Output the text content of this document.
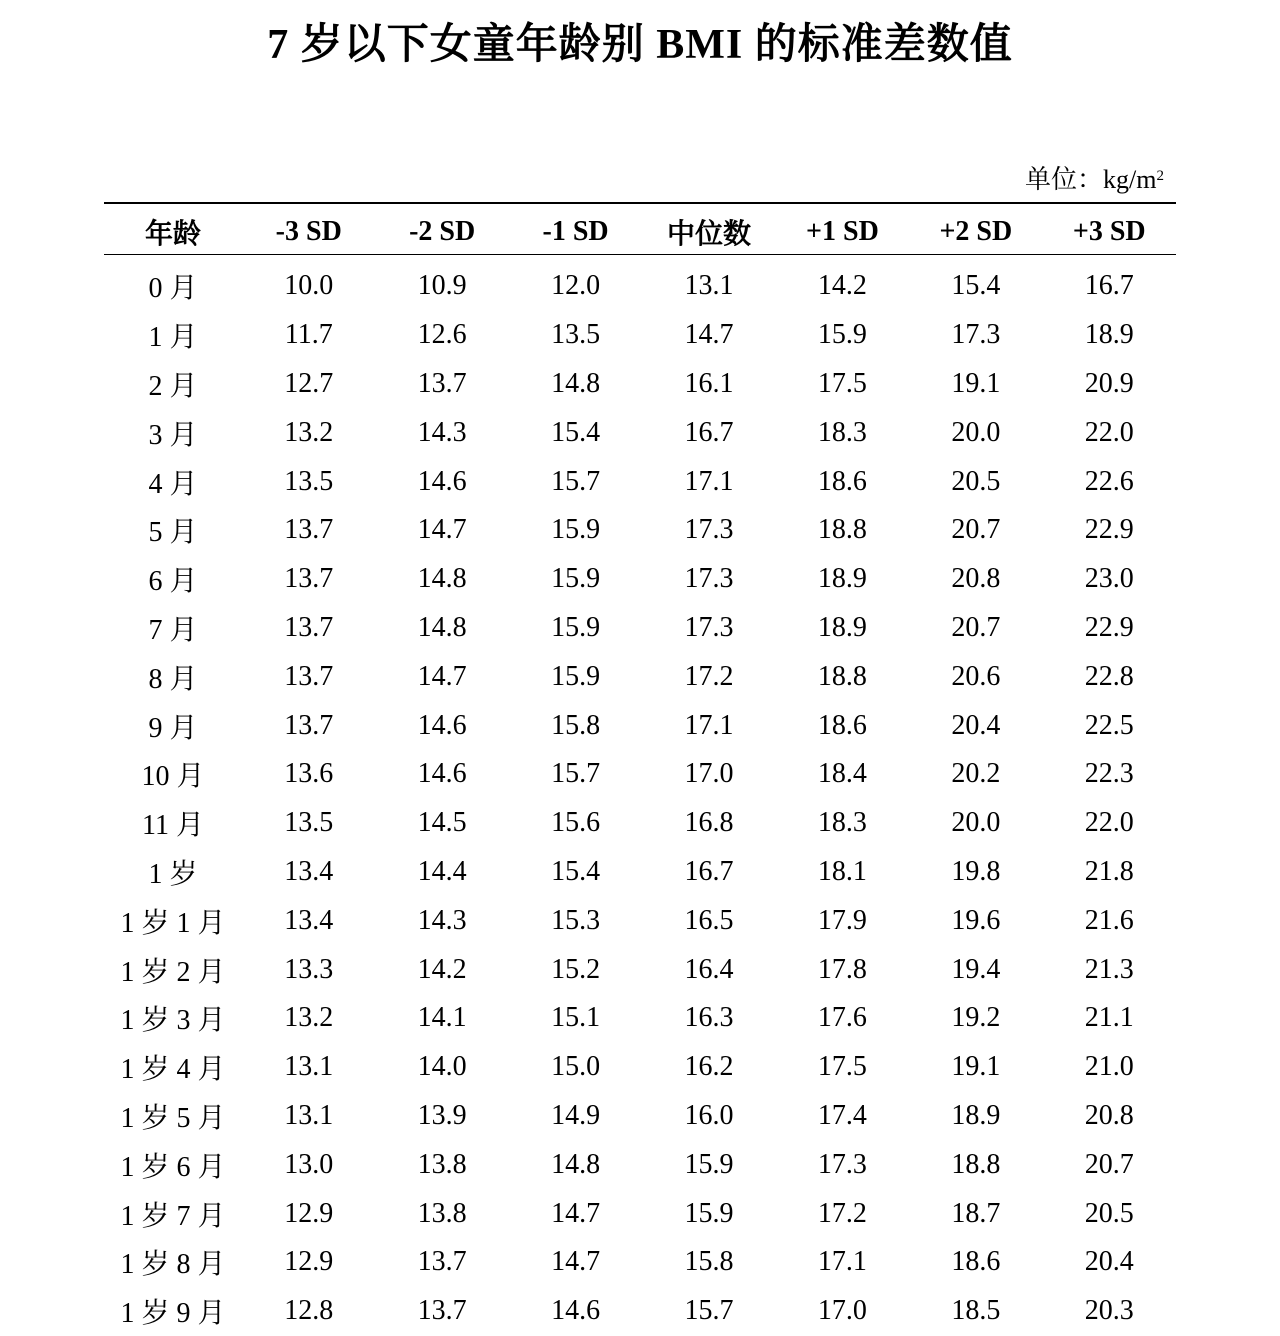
7 岁以下女童年龄别 BMI 的标准差数值
单位：$kg/m^2$
年龄	-3 SD	-2 SD	-1 SD	中位数	+1 SD	+2 SD	+3 SD

0 月	10.0	10.9	12.0	13.1	14.2	15.4	16.7
1 月	11.7	12.6	13.5	14.7	15.9	17.3	18.9
2 月	12.7	13.7	14.8	16.1	17.5	19.1	20.9
3 月	13.2	14.3	15.4	16.7	18.3	20.0	22.0
4 月	13.5	14.6	15.7	17.1	18.6	20.5	22.6
5 月	13.7	14.7	15.9	17.3	18.8	20.7	22.9
6 月	13.7	14.8	15.9	17.3	18.9	20.8	23.0
7 月	13.7	14.8	15.9	17.3	18.9	20.7	22.9
8 月	13.7	14.7	15.9	17.2	18.8	20.6	22.8
9 月	13.7	14.6	15.8	17.1	18.6	20.4	22.5
10 月	13.6	14.6	15.7	17.0	18.4	20.2	22.3
11 月	13.5	14.5	15.6	16.8	18.3	20.0	22.0
1 岁	13.4	14.4	15.4	16.7	18.1	19.8	21.8
1 岁 1 月	13.4	14.3	15.3	16.5	17.9	19.6	21.6
1 岁 2 月	13.3	14.2	15.2	16.4	17.8	19.4	21.3
1 岁 3 月	13.2	14.1	15.1	16.3	17.6	19.2	21.1
1 岁 4 月	13.1	14.0	15.0	16.2	17.5	19.1	21.0
1 岁 5 月	13.1	13.9	14.9	16.0	17.4	18.9	20.8
1 岁 6 月	13.0	13.8	14.8	15.9	17.3	18.8	20.7
1 岁 7 月	12.9	13.8	14.7	15.9	17.2	18.7	20.5
1 岁 8 月	12.9	13.7	14.7	15.8	17.1	18.6	20.4
1 岁 9 月	12.8	13.7	14.6	15.7	17.0	18.5	20.3
